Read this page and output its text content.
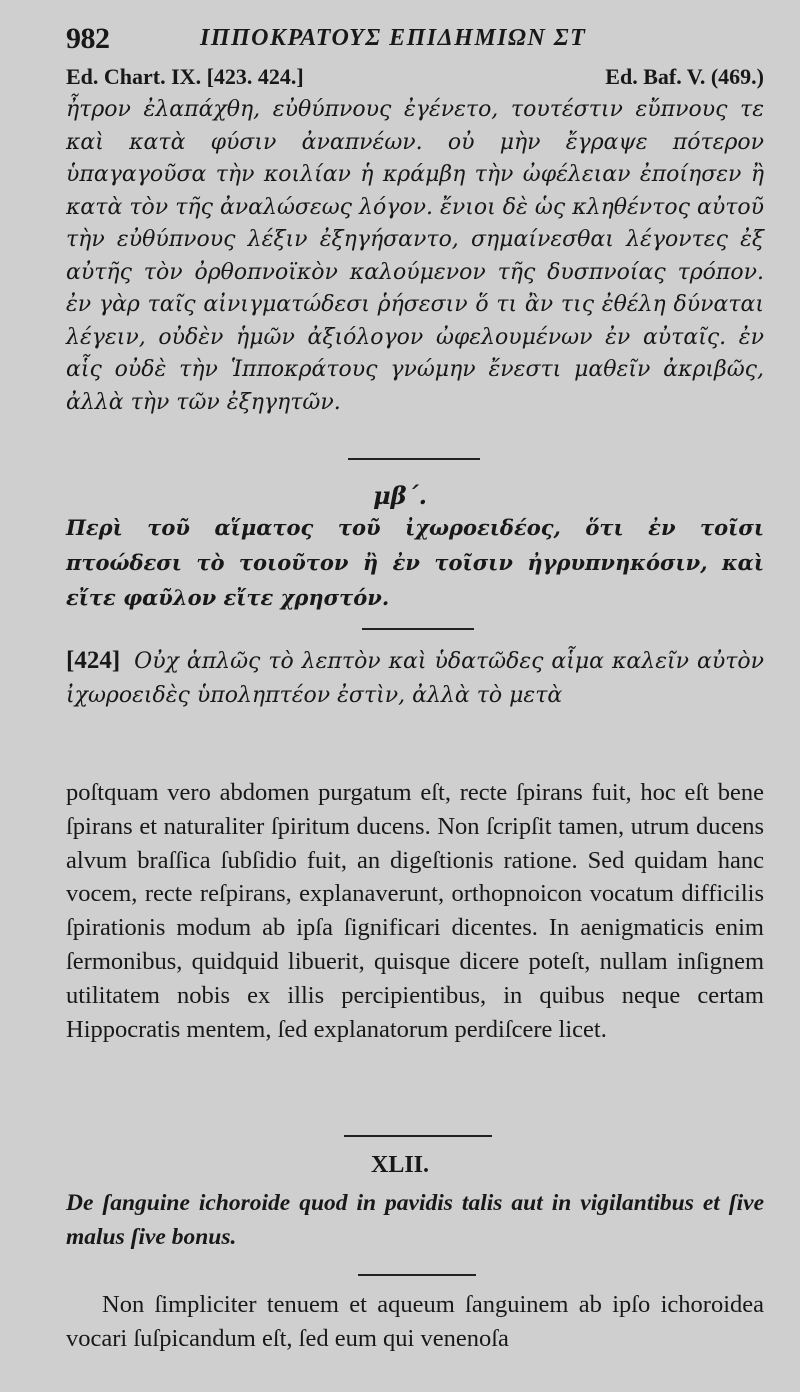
982	ΙΠΠΟΚΡΑΤΟΥΣ ΕΠΙΔΗΜΙΩΝ ΣΤ
Ed. Chart. IX. [423. 424.]	Ed. Baf. V. (469.)

ἦτρον ἐλαπάχθη, εὐθύπνους ἐγένετο, τουτέστιν εὔπνους τε καὶ κατὰ φύσιν ἀναπνέων. οὐ μὴν ἔγραψε πότερον ὑπαγαγοῦσα τὴν κοιλίαν ἡ κράμβη τὴν ὠφέλειαν ἐποίησεν ἢ κατὰ τὸν τῆς ἀναλώσεως λόγον. ἔνιοι δὲ ὡς κληθέντος αὐτοῦ τὴν εὐθύπνους λέξιν ἐξηγήσαντο, σημαίνεσθαι λέγοντες ἐξ αὐτῆς τὸν ὀρθοπνοϊκὸν καλούμενον τῆς δυσπνοίας τρόπον. ἐν γὰρ ταῖς αἰνιγματώδεσι ῥήσεσιν ὅ τι ἂν τις ἐθέλη δύναται λέγειν, οὐδὲν ἡμῶν ἀξιόλογον ὠφελουμένων ἐν αὐταῖς. ἐν αἷς οὐδὲ τὴν Ἱπποκράτους γνώμην ἔνεστι μαθεῖν ἀκριβῶς, ἀλλὰ τὴν τῶν ἐξηγητῶν.

μβ΄.
Περὶ τοῦ αἵματος τοῦ ἰχωροειδέος, ὅτι ἐν τοῖσι πτοώδεσι τὸ τοιοῦτον ἢ ἐν τοῖσιν ἠγρυπνηκόσιν, καὶ εἴτε φαῦλον εἴτε χρηστόν.
[424] Οὐχ ἁπλῶς τὸ λεπτὸν καὶ ὑδατῶδες αἷμα καλεῖν αὐτὸν ἰχωροειδὲς ὑποληπτέον ἐστὶν, ἀλλὰ τὸ μετὰ
poſtquam vero abdomen purgatum eſt, recte ſpirans fuit, hoc eſt bene ſpirans et naturaliter ſpiritum ducens. Non ſcripſit tamen, utrum ducens alvum braſſica ſubſidio fuit, an digeſtionis ratione. Sed quidam hanc vocem, recte reſpirans, explanaverunt, orthopnoicon vocatum difficilis ſpirationis modum ab ipſa ſignificari dicentes. In aenigmaticis enim ſermonibus, quidquid libuerit, quisque dicere poteſt, nullam inſignem utilitatem nobis ex illis percipientibus, in quibus neque certam Hippocratis mentem, ſed explanatorum perdiſcere licet.
XLII.
De ſanguine ichoroide quod in pavidis talis aut in vigilantibus et ſive malus ſive bonus.
Non ſimpliciter tenuem et aqueum ſanguinem ab ipſo ichoroidea vocari ſuſpicandum eſt, ſed eum qui venenoſa
